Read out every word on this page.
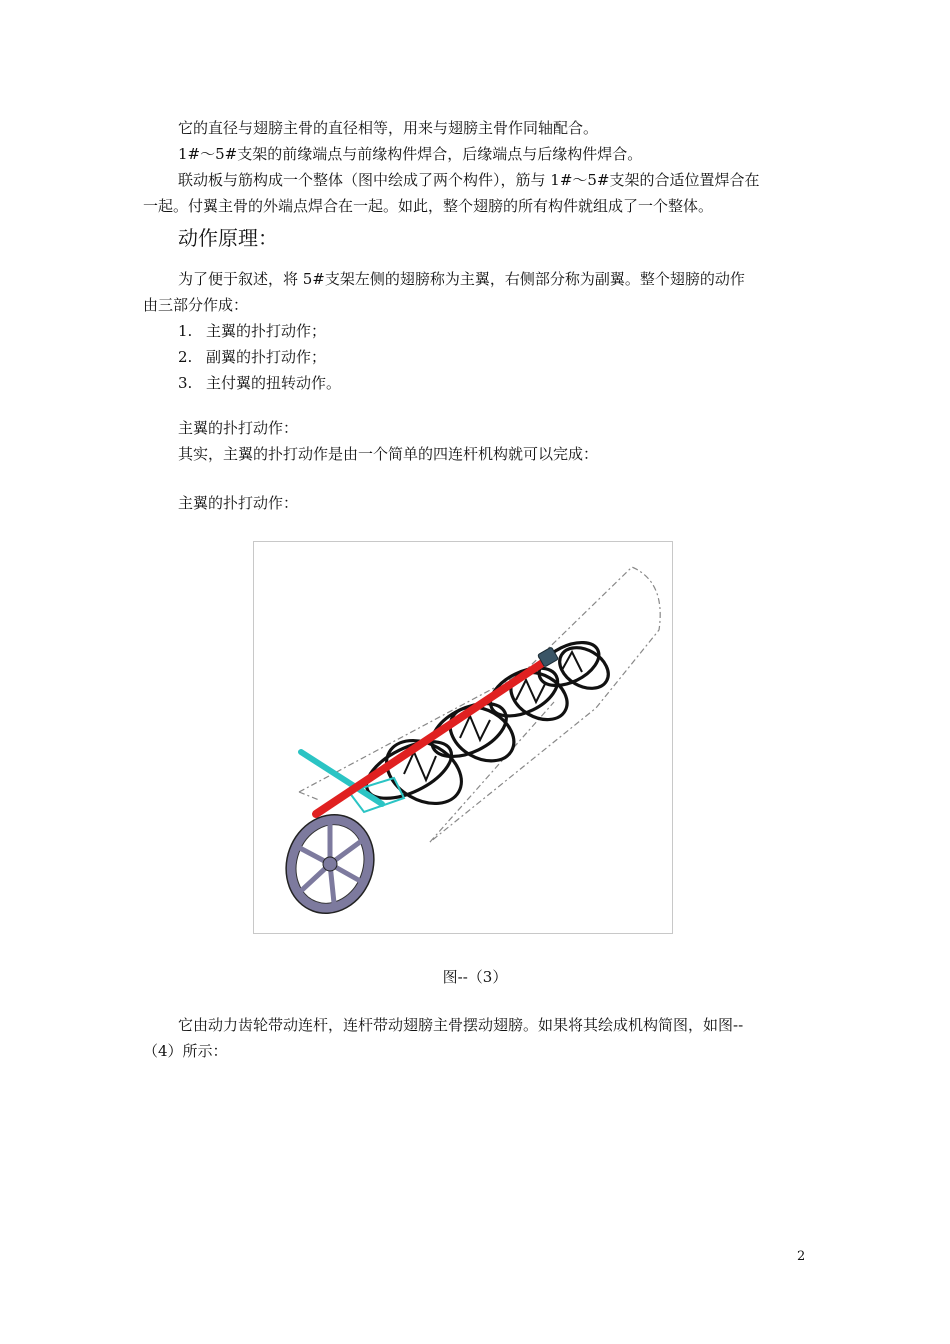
它的直径与翅膀主骨的直径相等，用来与翅膀主骨作同轴配合。
1#～5#支架的前缘端点与前缘构件焊合，后缘端点与后缘构件焊合。
联动板与筋构成一个整体（图中绘成了两个构件），筋与 1#～5#支架的合适位置焊合在
一起。付翼主骨的外端点焊合在一起。如此，整个翅膀的所有构件就组成了一个整体。
动作原理：
为了便于叙述，将 5#支架左侧的翅膀称为主翼，右侧部分称为副翼。整个翅膀的动作
由三部分作成：
1. 主翼的扑打动作；
2. 副翼的扑打动作；
3. 主付翼的扭转动作。
主翼的扑打动作：
其实，主翼的扑打动作是由一个简单的四连杆机构就可以完成：
主翼的扑打动作：
图--（3）
它由动力齿轮带动连杆，连杆带动翅膀主骨摆动翅膀。如果将其绘成机构简图，如图--
（4）所示：
2
